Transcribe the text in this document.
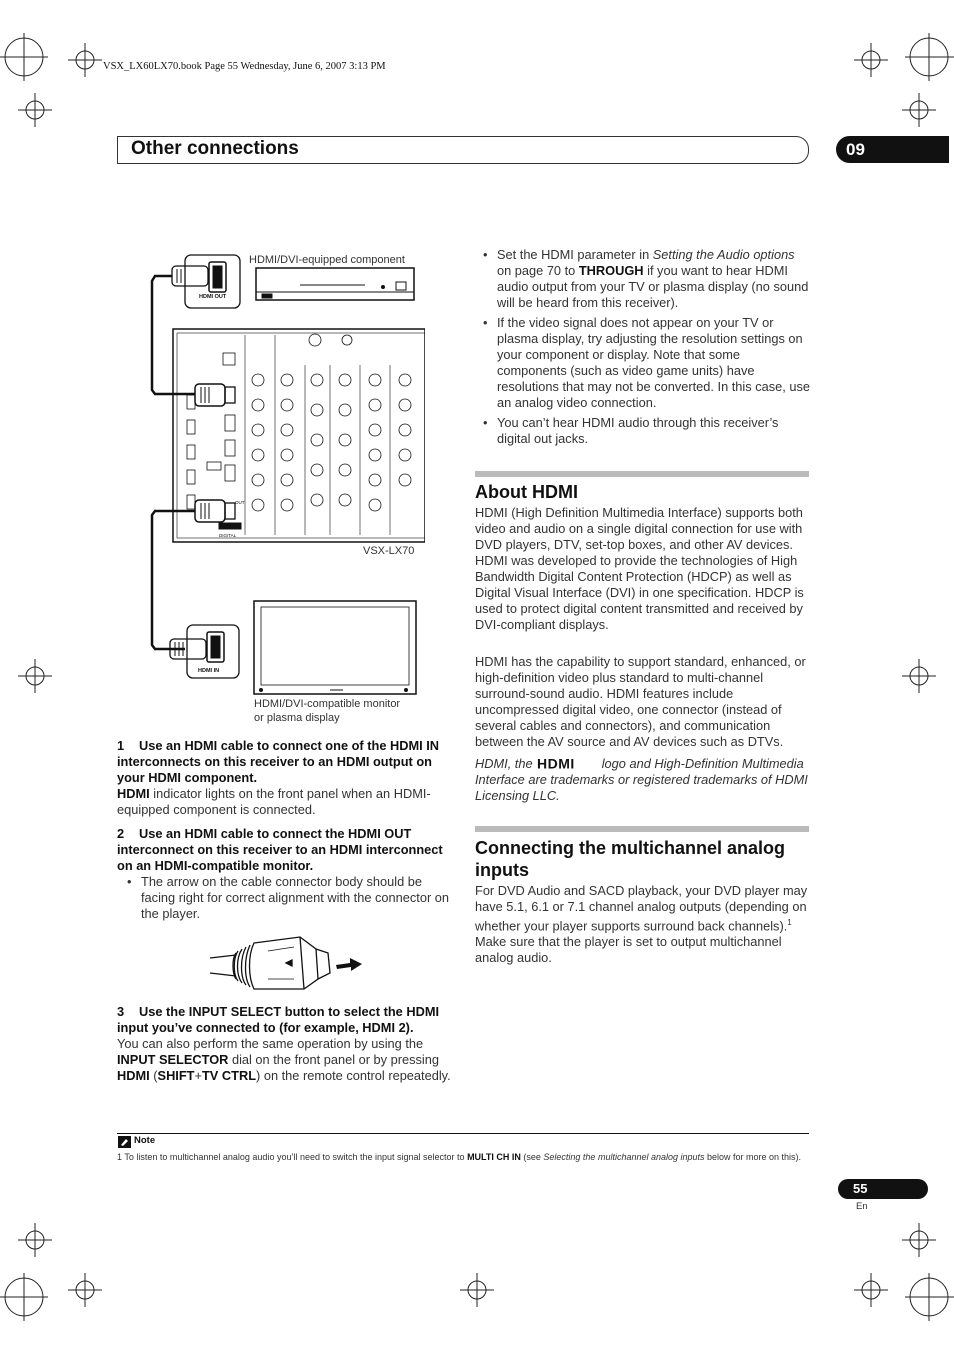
VSX_LX60LX70.book Page 55 Wednesday, June 6, 2007 3:13 PM
Other connections	09
HDMI OUT
HDMI IN
OUT
DIGITAL
HDMI/DVI-equipped component
VSX-LX70
HDMI/DVI-compatible monitor
or plasma display
1 Use an HDMI cable to connect one of the HDMI IN interconnects on this receiver to an HDMI output on your HDMI component.
HDMI indicator lights on the front panel when an HDMI-equipped component is connected.
2 Use an HDMI cable to connect the HDMI OUT interconnect on this receiver to an HDMI interconnect on an HDMI-compatible monitor.
• The arrow on the cable connector body should be facing right for correct alignment with the connector on the player.
3 Use the INPUT SELECT button to select the HDMI input you’ve connected to (for example, HDMI 2).
You can also perform the same operation by using the INPUT SELECTOR dial on the front panel or by pressing HDMI (SHIFT+TV CTRL) on the remote control repeatedly.
• Set the HDMI parameter in Setting the Audio options on page 70 to THROUGH if you want to hear HDMI audio output from your TV or plasma display (no sound will be heard from this receiver).
• If the video signal does not appear on your TV or plasma display, try adjusting the resolution settings on your component or display. Note that some components (such as video game units) have resolutions that may not be converted. In this case, use an analog video connection.
• You can’t hear HDMI audio through this receiver’s digital out jacks.
About HDMI
HDMI (High Definition Multimedia Interface) supports both video and audio on a single digital connection for use with DVD players, DTV, set-top boxes, and other AV devices. HDMI was developed to provide the technologies of High Bandwidth Digital Content Protection (HDCP) as well as Digital Visual Interface (DVI) in one specification. HDCP is used to protect digital content transmitted and received by DVI-compliant displays.
HDMI has the capability to support standard, enhanced, or high-definition video plus standard to multi-channel surround-sound audio. HDMI features include uncompressed digital video, one connector (instead of several cables and connectors), and communication between the AV source and AV devices such as DTVs.
HDMI, the HDMI logo and High-Definition Multimedia Interface are trademarks or registered trademarks of HDMI Licensing LLC.
Connecting the multichannel analog
inputs
For DVD Audio and SACD playback, your DVD player may have 5.1, 6.1 or 7.1 channel analog outputs (depending on whether your player supports surround back channels).$^1$ Make sure that the player is set to output multichannel analog audio.
Note
1 To listen to multichannel analog audio you’ll need to switch the input signal selector to MULTI CH IN (see Selecting the multichannel analog inputs below for more on this).
55
En
